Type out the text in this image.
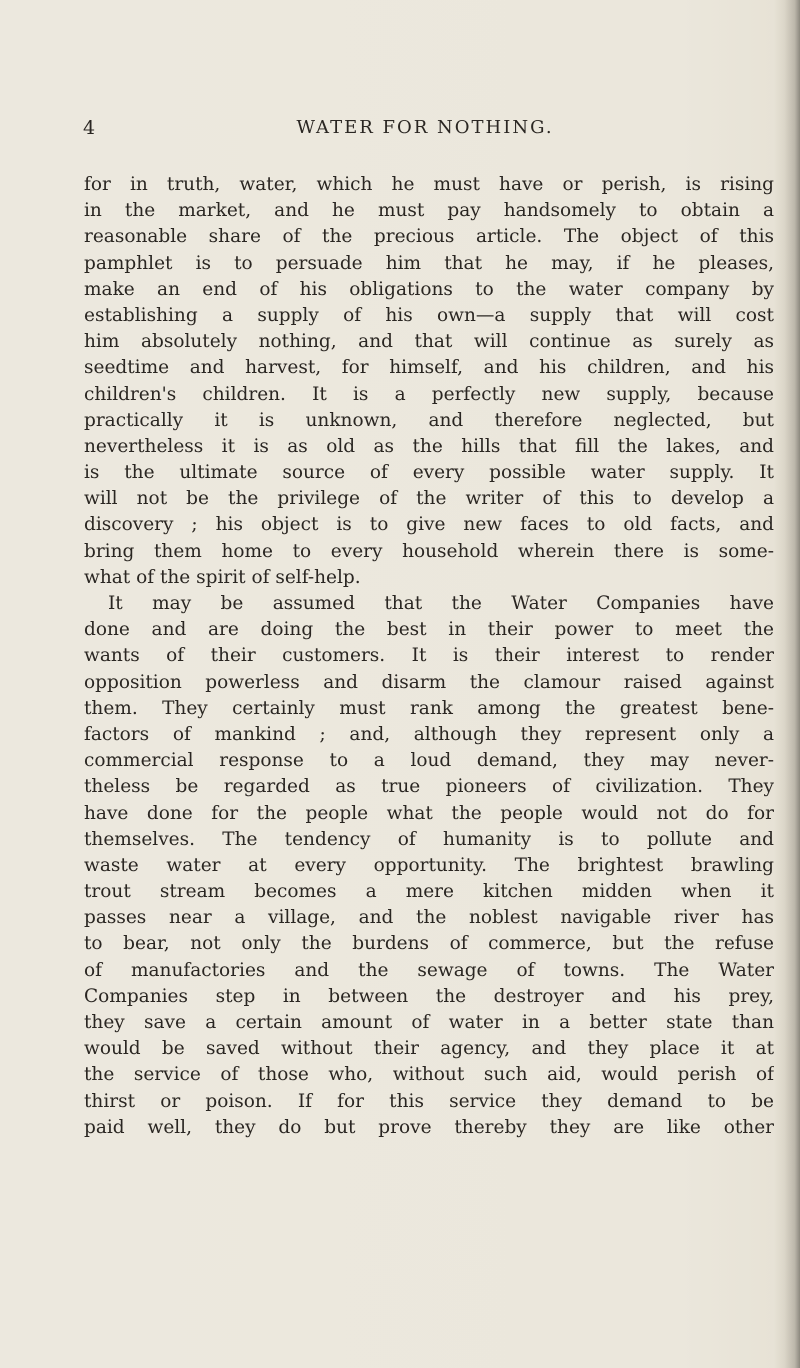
4	WATER FOR NOTHING.
for in truth, water, which he must have or perish, is rising
in the market, and he must pay handsomely to obtain a
reasonable share of the precious article. The object of this
pamphlet is to persuade him that he may, if he pleases,
make an end of his obligations to the water company by
establishing a supply of his own—a supply that will cost
him absolutely nothing, and that will continue as surely as
seedtime and harvest, for himself, and his children, and his
children's children. It is a perfectly new supply, because
practically it is unknown, and therefore neglected, but
nevertheless it is as old as the hills that fill the lakes, and
is the ultimate source of every possible water supply. It
will not be the privilege of the writer of this to develop a
discovery ; his object is to give new faces to old facts, and
bring them home to every household wherein there is some-
what of the spirit of self-help.
It may be assumed that the Water Companies have
done and are doing the best in their power to meet the
wants of their customers. It is their interest to render
opposition powerless and disarm the clamour raised against
them. They certainly must rank among the greatest bene-
factors of mankind ; and, although they represent only a
commercial response to a loud demand, they may never-
theless be regarded as true pioneers of civilization. They
have done for the people what the people would not do for
themselves. The tendency of humanity is to pollute and
waste water at every opportunity. The brightest brawling
trout stream becomes a mere kitchen midden when it
passes near a village, and the noblest navigable river has
to bear, not only the burdens of commerce, but the refuse
of manufactories and the sewage of towns. The Water
Companies step in between the destroyer and his prey,
they save a certain amount of water in a better state than
would be saved without their agency, and they place it at
the service of those who, without such aid, would perish of
thirst or poison. If for this service they demand to be
paid well, they do but prove thereby they are like other
